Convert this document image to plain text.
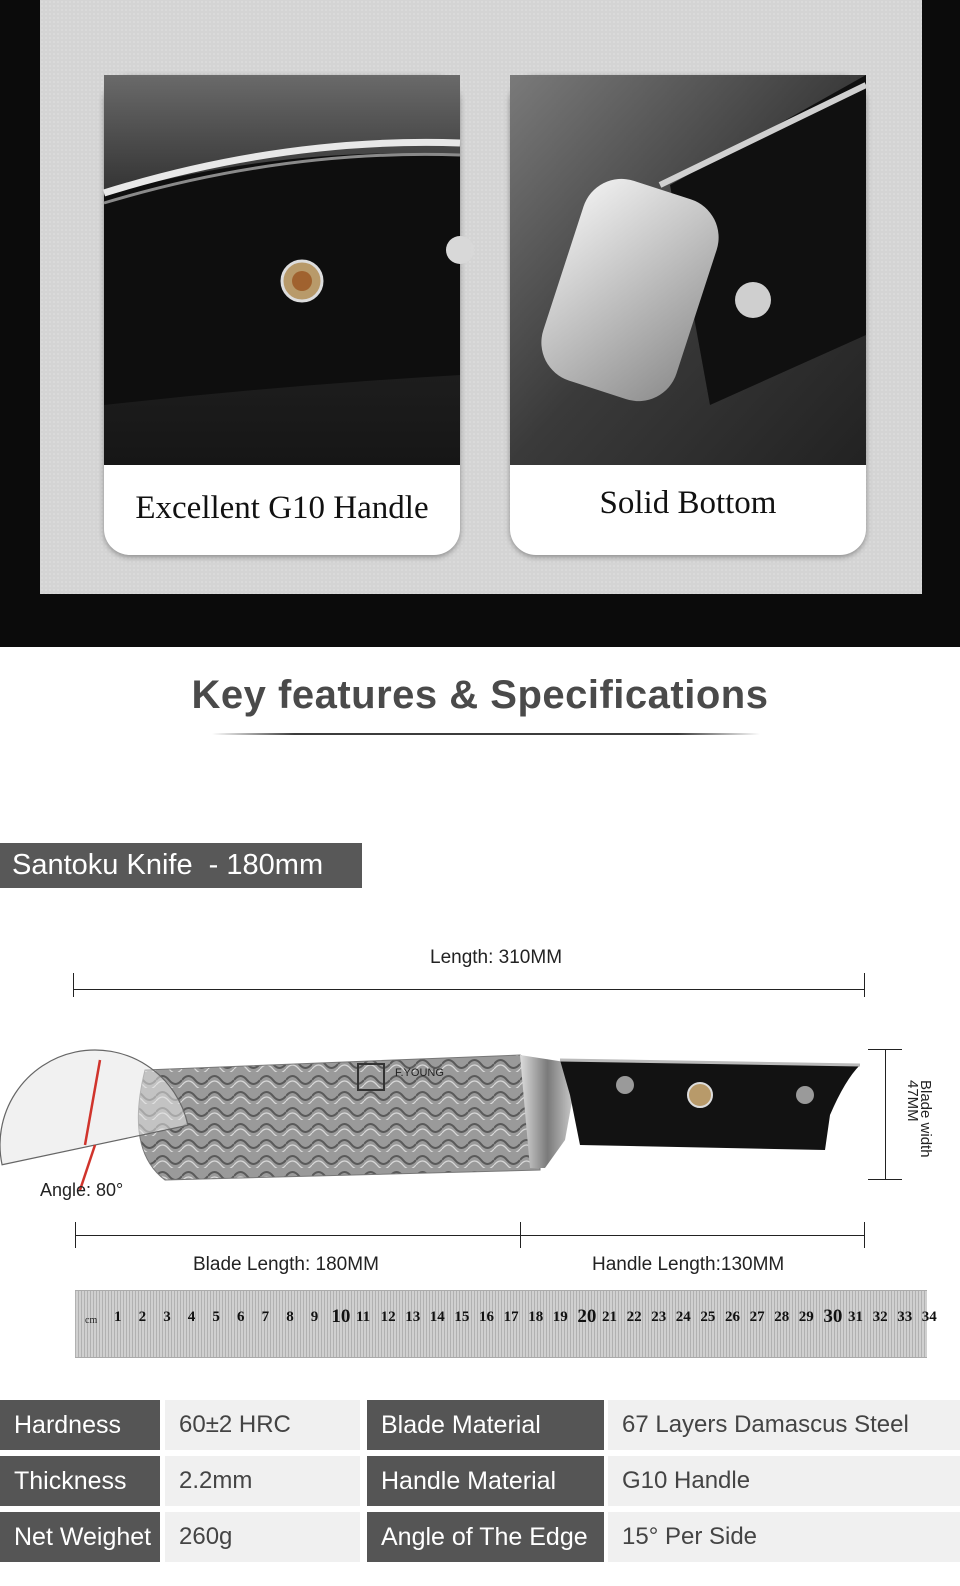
Excellent G10 Handle	Solid Bottom
Key features & Specifications
Santoku Knife  - 180mm
Length: 310MM
F.YOUNG
Angle: 80°
Blade width
47MM
Blade Length: 180MM	Handle Length:130MM
cm 1 2 3 4 5 6 7 8 9 10 11 12 13 14 15 16 17 18 19 20 21 22 23 24 25 26 27 28 29 30 31 32 33 34
Hardness	60±2 HRC	Blade Material	67 Layers Damascus Steel
Thickness	2.2mm	Handle Material	G10 Handle
Net Weighet	260g	Angle of The Edge	15° Per Side
